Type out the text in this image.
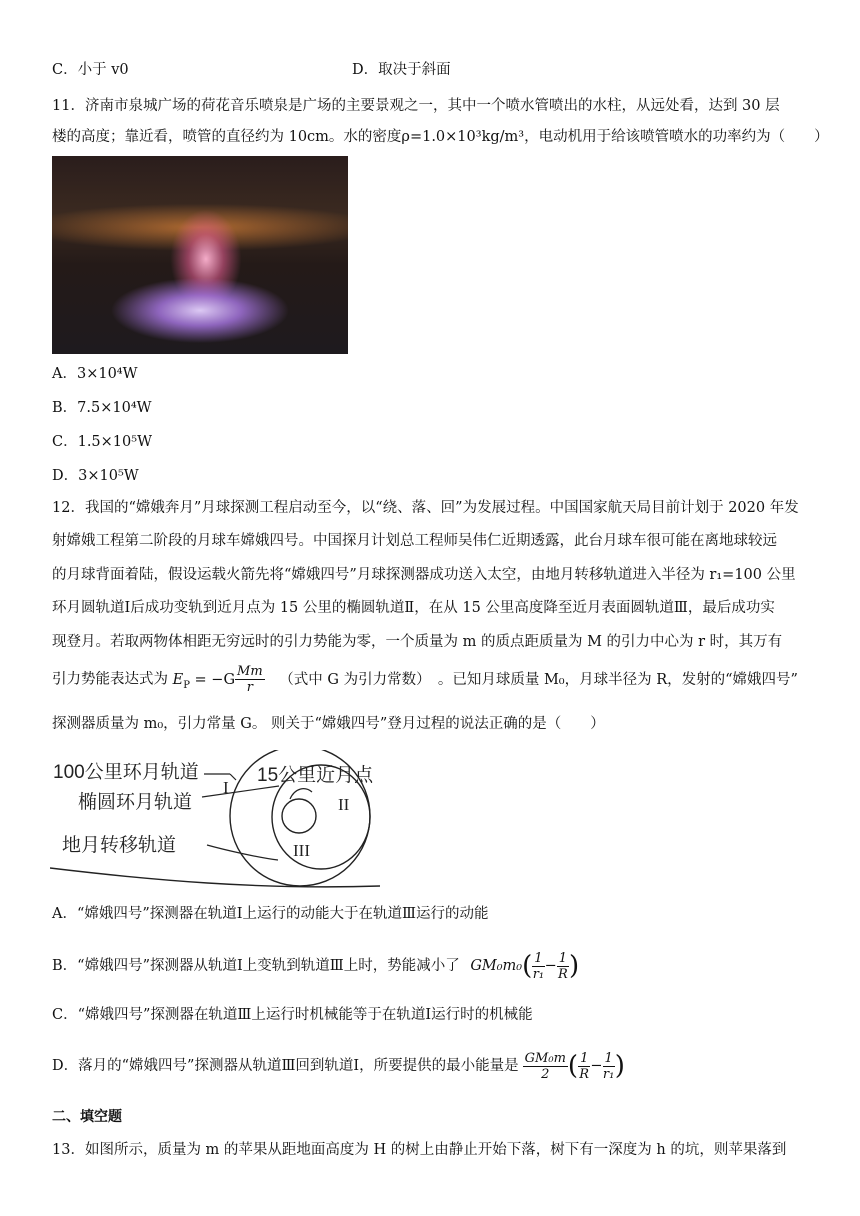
C．小于 v0	D．取决于斜面
11．济南市泉城广场的荷花音乐喷泉是广场的主要景观之一，其中一个喷水管喷出的水柱，从远处看，达到 30 层
楼的高度；靠近看，喷管的直径约为 10cm。水的密度ρ=1.0×10³kg/m³，电动机用于给该喷管喷水的功率约为（　　）
A．3×10⁴W
B．7.5×10⁴W
C．1.5×10⁵W
D．3×10⁵W
12．我国的“嫦娥奔月”月球探测工程启动至今，以“绕、落、回”为发展过程。中国国家航天局目前计划于 2020 年发
射嫦娥工程第二阶段的月球车嫦娥四号。中国探月计划总工程师吴伟仁近期透露，此台月球车很可能在离地球较远
的月球背面着陆，假设运载火箭先将“嫦娥四号”月球探测器成功送入太空，由地月转移轨道进入半径为 r₁=100 公里
环月圆轨道Ⅰ后成功变轨到近月点为 15 公里的椭圆轨道Ⅱ，在从 15 公里高度降至近月表面圆轨道Ⅲ，最后成功实
现登月。若取两物体相距无穷远时的引力势能为零，一个质量为 m 的质点距质量为 M 的引力中心为 r 时，其万有
引力势能表达式为 $E_P = -G \frac{Mm}{r}$ （式中 G 为引力常数）　。已知月球质量 M₀，月球半径为 R，发射的“嫦娥四号”
探测器质量为 m₀，引力常量 G。 则关于“嫦娥四号”登月过程的说法正确的是（　　）
100公里环月轨道	15公里近月点
椭圆环月轨道
地月转移轨道
I
II
III
A．“嫦娥四号”探测器在轨道Ⅰ上运行的动能大于在轨道Ⅲ运行的动能
B．“嫦娥四号”探测器从轨道Ⅰ上变轨到轨道Ⅲ上时，势能减小了 $GM_0m_0( \frac{1}{\text{r₁}} - \frac{1}{R}$ )
C．“嫦娥四号”探测器在轨道Ⅲ上运行时机械能等于在轨道Ⅰ运行时的机械能
D．落月的“嫦娥四号”探测器从轨道Ⅲ回到轨道Ⅰ，所要提供的最小能量是 $\frac{\text{GM₀m}}{2}$ ( $\frac{1}{R} - \frac{1}{\text{r₁}}$ )
二、填空题
13．如图所示，质量为 m 的苹果从距地面高度为 H 的树上由静止开始下落，树下有一深度为 h 的坑，则苹果落到
